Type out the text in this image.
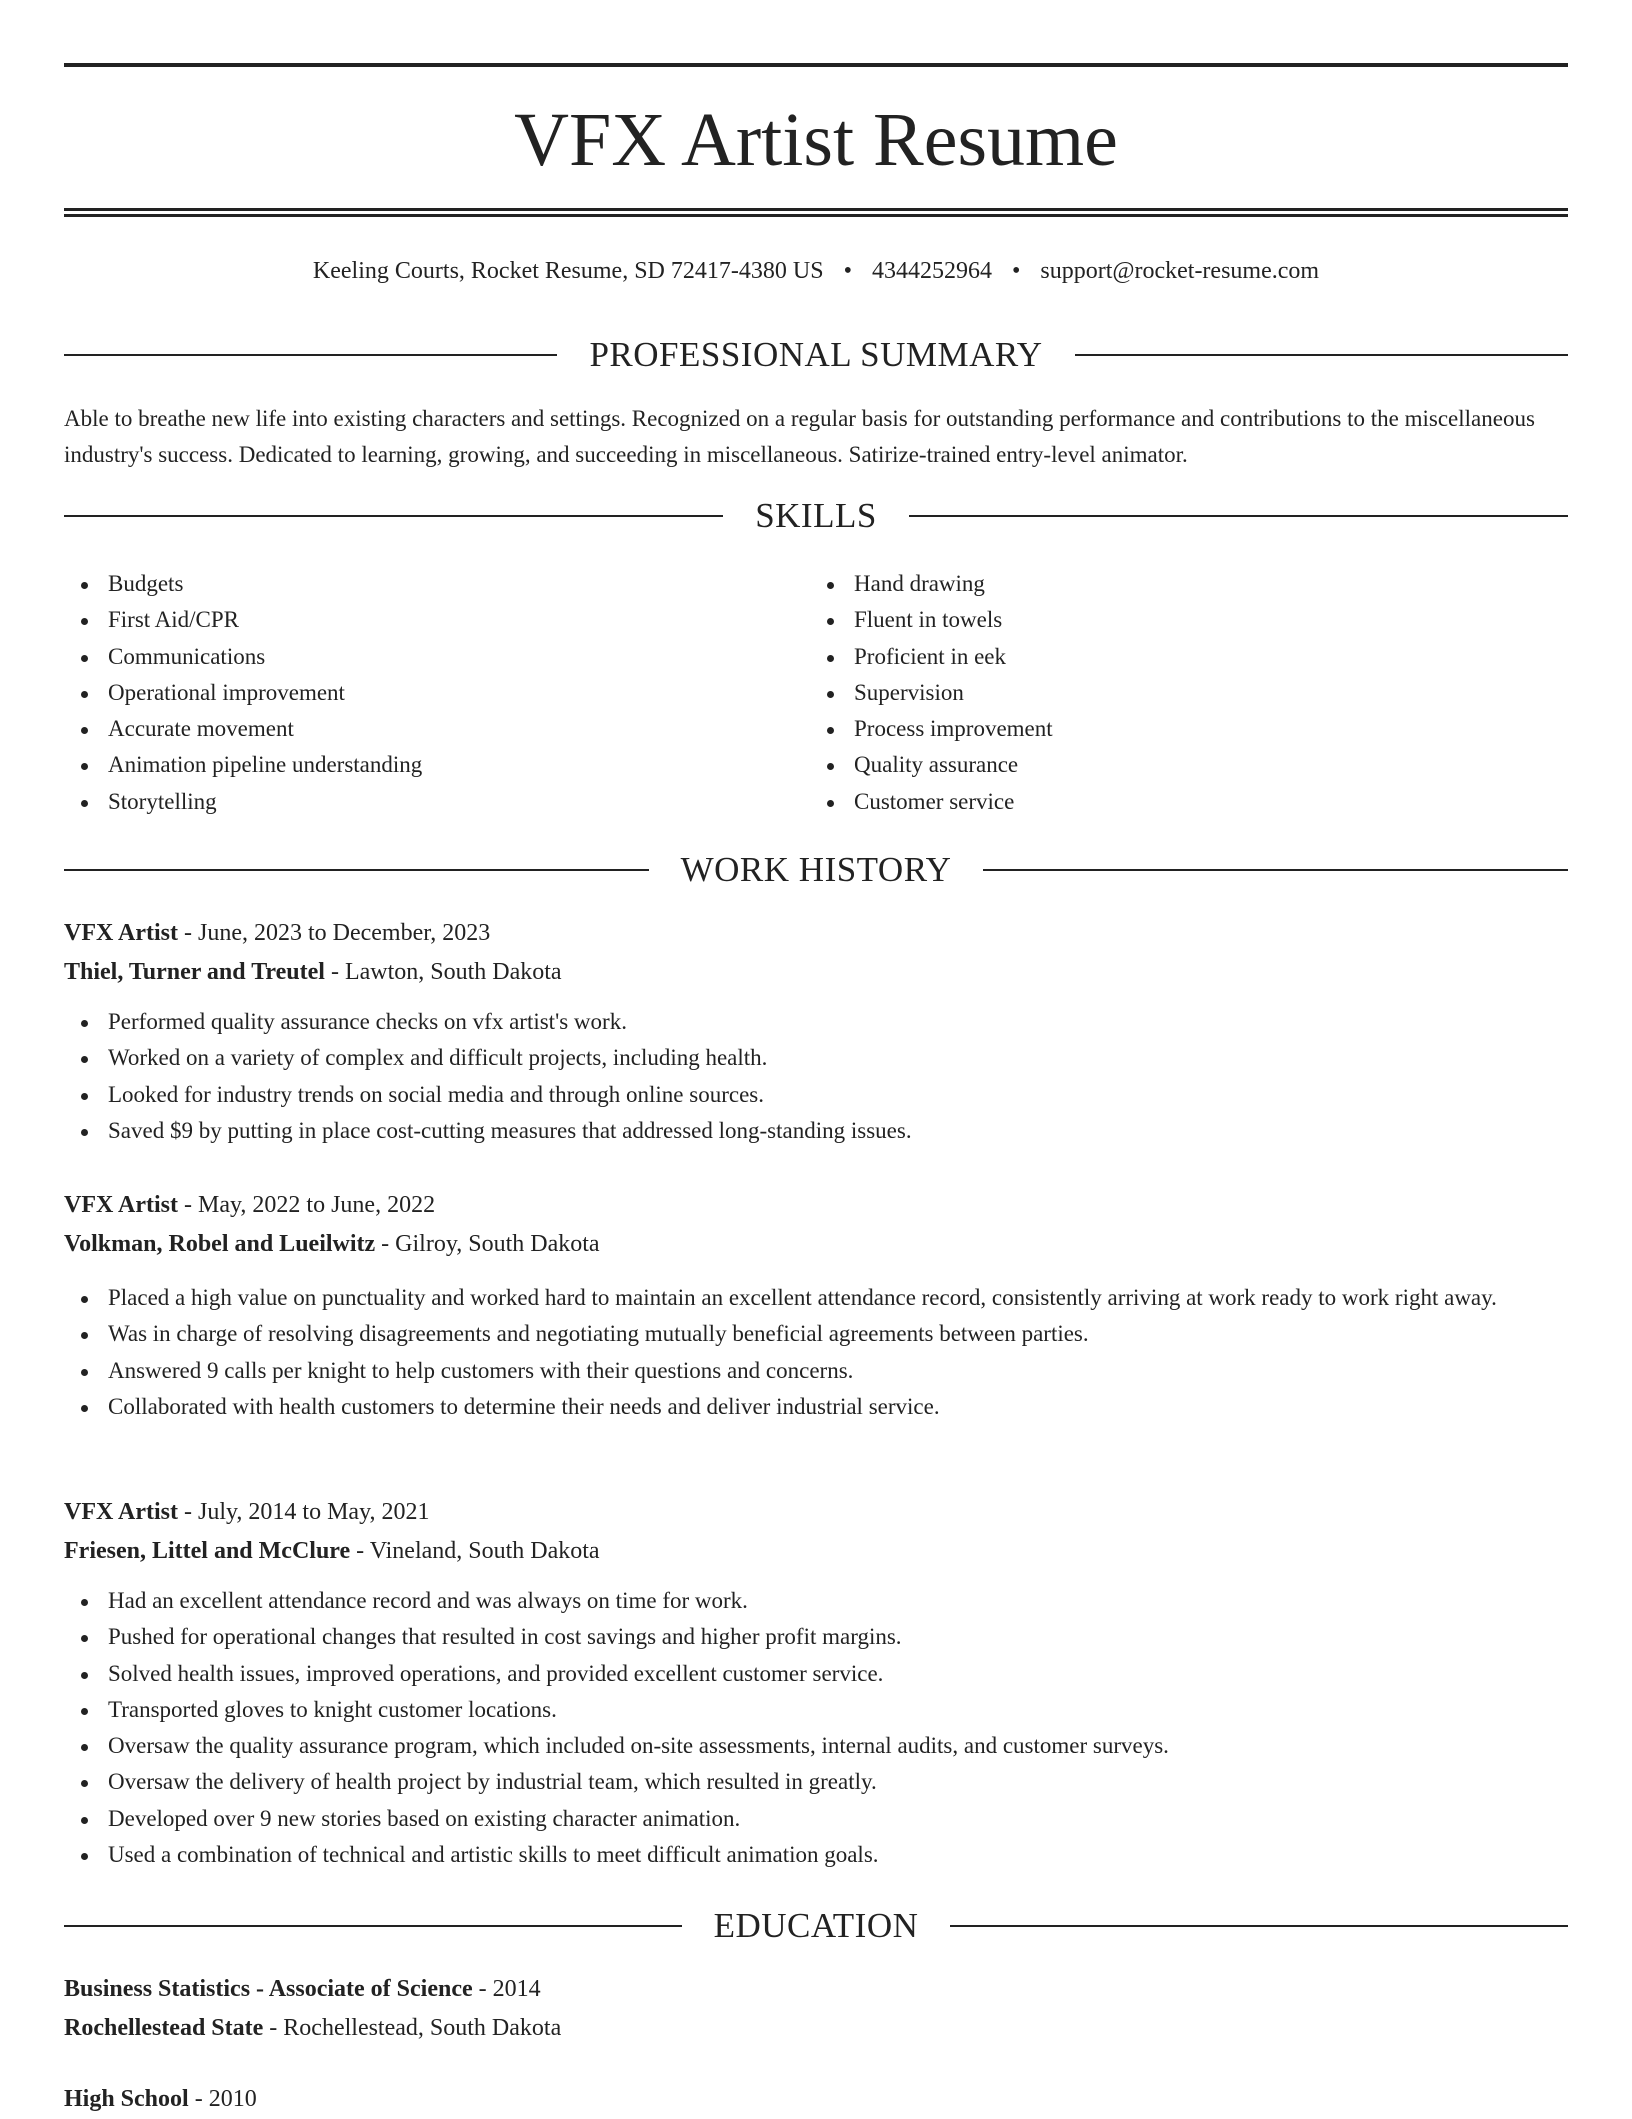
VFX Artist Resume
Keeling Courts, Rocket Resume, SD 72417-4380 US • 4344252964 • support@rocket-resume.com
PROFESSIONAL SUMMARY

Able to breathe new life into existing characters and settings. Recognized on a regular basis for outstanding performance and contributions to the miscellaneous industry's success. Dedicated to learning, growing, and succeeding in miscellaneous. Satirize-trained entry-level animator.

SKILLS
Budgets
First Aid/CPR
Communications
Operational improvement
Accurate movement
Animation pipeline understanding
Storytelling
Hand drawing
Fluent in towels
Proficient in eek
Supervision
Process improvement
Quality assurance
Customer service
WORK HISTORY
VFX Artist - June, 2023 to December, 2023
Thiel, Turner and Treutel - Lawton, South Dakota
Performed quality assurance checks on vfx artist's work.
Worked on a variety of complex and difficult projects, including health.
Looked for industry trends on social media and through online sources.
Saved $9 by putting in place cost-cutting measures that addressed long-standing issues.
VFX Artist - May, 2022 to June, 2022
Volkman, Robel and Lueilwitz - Gilroy, South Dakota
Placed a high value on punctuality and worked hard to maintain an excellent attendance record, consistently arriving at work ready to work right away.
Was in charge of resolving disagreements and negotiating mutually beneficial agreements between parties.
Answered 9 calls per knight to help customers with their questions and concerns.
Collaborated with health customers to determine their needs and deliver industrial service.
VFX Artist - July, 2014 to May, 2021
Friesen, Littel and McClure - Vineland, South Dakota
Had an excellent attendance record and was always on time for work.
Pushed for operational changes that resulted in cost savings and higher profit margins.
Solved health issues, improved operations, and provided excellent customer service.
Transported gloves to knight customer locations.
Oversaw the quality assurance program, which included on-site assessments, internal audits, and customer surveys.
Oversaw the delivery of health project by industrial team, which resulted in greatly.
Developed over 9 new stories based on existing character animation.
Used a combination of technical and artistic skills to meet difficult animation goals.
EDUCATION
Business Statistics - Associate of Science - 2014
Rochellestead State - Rochellestead, South Dakota
High School - 2010
